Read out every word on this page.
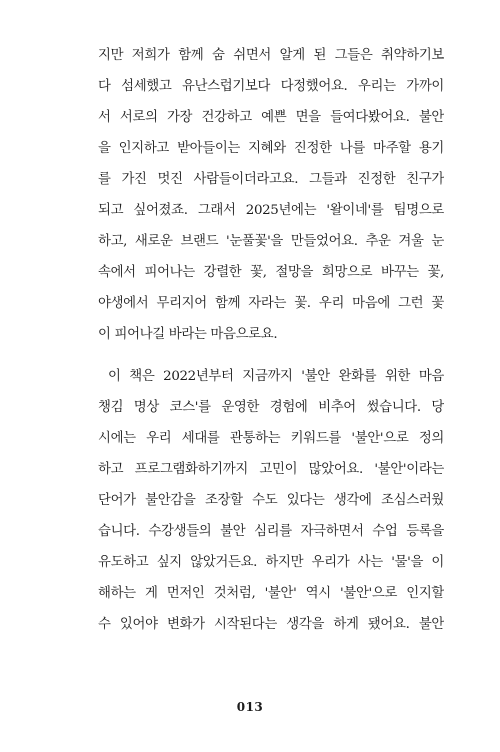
지만 저희가 함께 숨 쉬면서 알게 된 그들은 취약하기보
다 섬세했고 유난스럽기보다 다정했어요. 우리는 가까이
서 서로의 가장 건강하고 예쁜 면을 들여다봤어요. 불안
을 인지하고 받아들이는 지혜와 진정한 나를 마주할 용기
를 가진 멋진 사람들이더라고요. 그들과 진정한 친구가
되고 싶어졌죠. 그래서 2025년에는 '왈이네'를 팀명으로
하고, 새로운 브랜드 '눈풀꽃'을 만들었어요. 추운 겨울 눈
속에서 피어나는 강렬한 꽃, 절망을 희망으로 바꾸는 꽃,
야생에서 무리지어 함께 자라는 꽃. 우리 마음에 그런 꽃
이 피어나길 바라는 마음으로요.
이 책은 2022년부터 지금까지 '불안 완화를 위한 마음
챙김 명상 코스'를 운영한 경험에 비추어 썼습니다. 당
시에는 우리 세대를 관통하는 키워드를 '불안'으로 정의
하고 프로그램화하기까지 고민이 많았어요. '불안'이라는
단어가 불안감을 조장할 수도 있다는 생각에 조심스러웠
습니다. 수강생들의 불안 심리를 자극하면서 수업 등록을
유도하고 싶지 않았거든요. 하지만 우리가 사는 '물'을 이
해하는 게 먼저인 것처럼, '불안' 역시 '불안'으로 인지할
수 있어야 변화가 시작된다는 생각을 하게 됐어요. 불안
013
